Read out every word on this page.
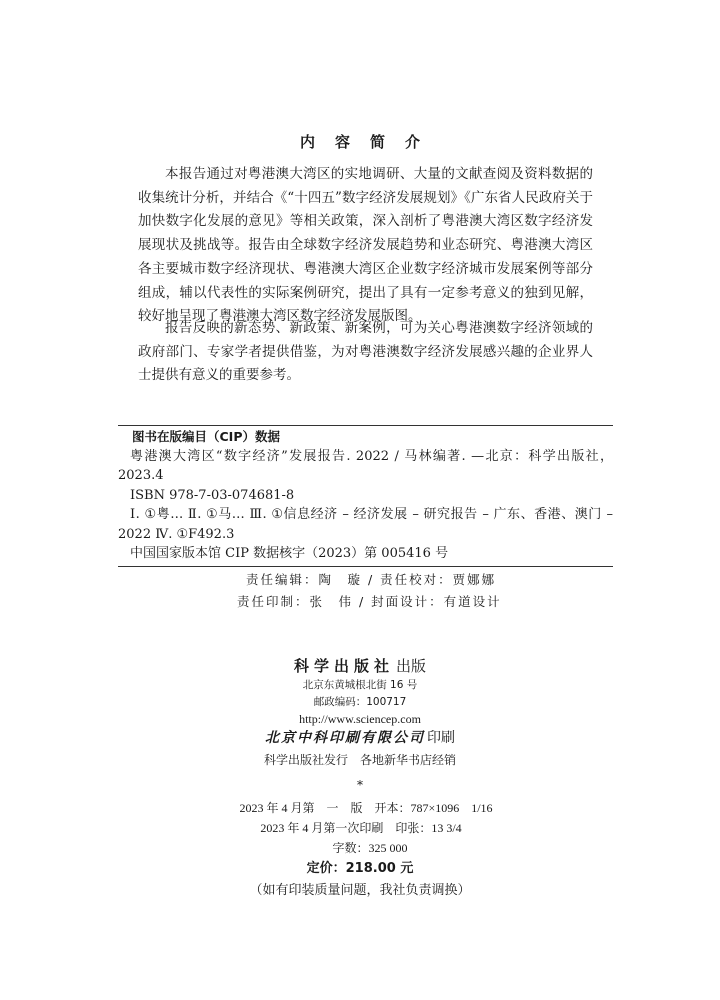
内容简介

本报告通过对粤港澳大湾区的实地调研、大量的文献查阅及资料数据的收集统计分析，并结合《“十四五”数字经济发展规划》《广东省人民政府关于加快数字化发展的意见》等相关政策，深入剖析了粤港澳大湾区数字经济发展现状及挑战等。报告由全球数字经济发展趋势和业态研究、粤港澳大湾区各主要城市数字经济现状、粤港澳大湾区企业数字经济城市发展案例等部分组成，辅以代表性的实际案例研究，提出了具有一定参考意义的独到见解，较好地呈现了粤港澳大湾区数字经济发展版图。

报告反映的新态势、新政策、新案例，可为关心粤港澳数字经济领域的政府部门、专家学者提供借鉴，为对粤港澳数字经济发展感兴趣的企业界人士提供有意义的重要参考。

图书在版编目（CIP）数据
粤港澳大湾区“数字经济”发展报告. 2022 / 马林编著. —北京：科学出版社，2023.4
ISBN 978-7-03-074681-8
Ⅰ. ①粤… Ⅱ. ①马… Ⅲ. ①信息经济 – 经济发展 – 研究报告 – 广东、香港、澳门 – 2022 Ⅳ. ①F492.3
中国国家版本馆 CIP 数据核字（2023）第 005416 号
责任编辑：陶　璇 / 责任校对：贾娜娜
责任印制：张　伟 / 封面设计：有道设计
科学出版社 出版
北京东黄城根北街 16 号
邮政编码：100717
http://www.sciencep.com
北京中科印刷有限公司 印刷
科学出版社发行　各地新华书店经销
*
2023 年 4 月第　一　版　开本：787×1096　1/16
2023 年 4 月第一次印刷　印张：13 3/4
字数：325 000
定价：218.00 元
（如有印装质量问题，我社负责调换）
